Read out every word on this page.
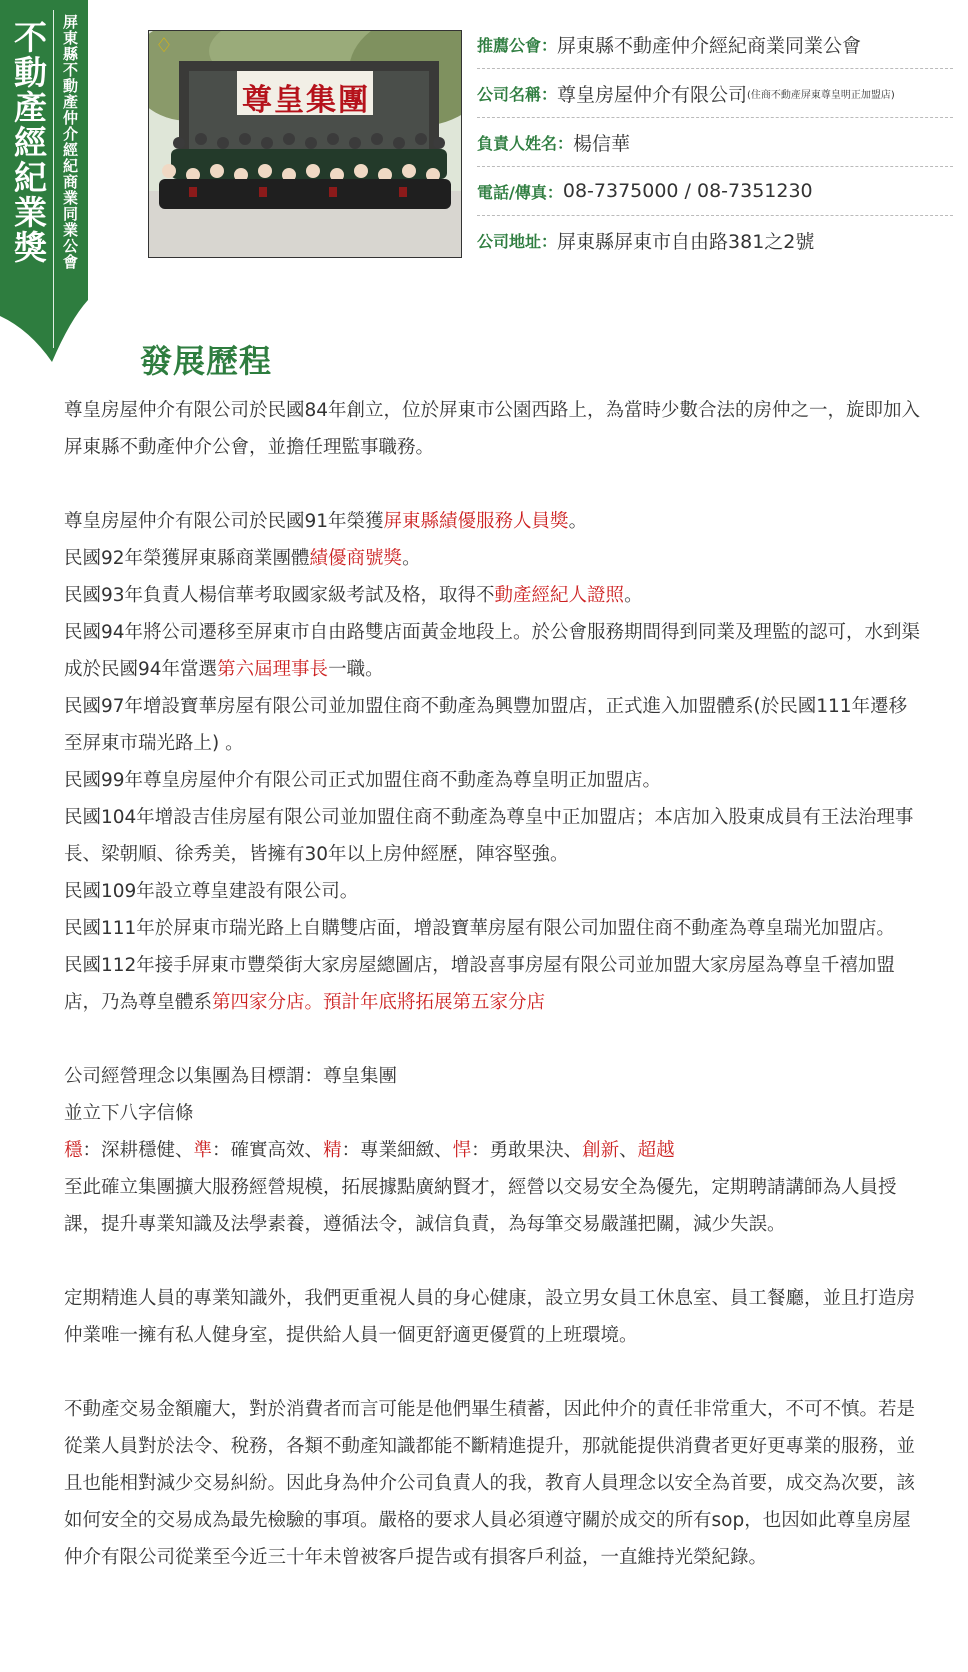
不動產經紀業獎 屏東縣不動產仲介經紀商業同業公會	♢
尊皇集團
推薦公會： 屏東縣不動產仲介經紀商業同業公會
公司名稱： 尊皇房屋仲介有限公司 (住商不動產屏東尊皇明正加盟店)
負責人姓名： 楊信華
電話/傳真： 08-7375000 / 08-7351230
公司地址： 屏東縣屏東市自由路381之2號
發展歷程

尊皇房屋仲介有限公司於民國84年創立，位於屏東市公園西路上，為當時少數合法的房仲之一，旋即加入屏東縣不動產仲介公會，並擔任理監事職務。

尊皇房屋仲介有限公司於民國91年榮獲屏東縣績優服務人員獎。

民國92年榮獲屏東縣商業團體績優商號獎。

民國93年負責人楊信華考取國家級考試及格，取得不動產經紀人證照。

民國94年將公司遷移至屏東市自由路雙店面黃金地段上。於公會服務期間得到同業及理監的認可，水到渠成於民國94年當選第六屆理事長一職。

民國97年增設寶華房屋有限公司並加盟住商不動產為興豐加盟店，正式進入加盟體系(於民國111年遷移至屏東市瑞光路上) 。

民國99年尊皇房屋仲介有限公司正式加盟住商不動產為尊皇明正加盟店。

民國104年增設吉佳房屋有限公司並加盟住商不動產為尊皇中正加盟店；本店加入股東成員有王法治理事長、梁朝順、徐秀美，皆擁有30年以上房仲經歷，陣容堅強。

民國109年設立尊皇建設有限公司。

民國111年於屏東市瑞光路上自購雙店面，增設寶華房屋有限公司加盟住商不動產為尊皇瑞光加盟店。

民國112年接手屏東市豐榮街大家房屋總圖店，增設喜事房屋有限公司並加盟大家房屋為尊皇千禧加盟店，乃為尊皇體系第四家分店。預計年底將拓展第五家分店

公司經營理念以集團為目標謂：尊皇集團

並立下八字信條

穩：深耕穩健、準：確實高效、精：專業細緻、悍：勇敢果決、創新、超越

至此確立集團擴大服務經營規模，拓展據點廣納賢才，經營以交易安全為優先，定期聘請講師為人員授課，提升專業知識及法學素養，遵循法令，誠信負責，為每筆交易嚴謹把關，減少失誤。

定期精進人員的專業知識外，我們更重視人員的身心健康，設立男女員工休息室、員工餐廳，並且打造房仲業唯一擁有私人健身室，提供給人員一個更舒適更優質的上班環境。

不動產交易金額龐大，對於消費者而言可能是他們畢生積蓄，因此仲介的責任非常重大，不可不慎。若是從業人員對於法令、稅務，各類不動產知識都能不斷精進提升，那就能提供消費者更好更專業的服務，並且也能相對減少交易糾紛。因此身為仲介公司負責人的我，教育人員理念以安全為首要，成交為次要，該如何安全的交易成為最先檢驗的事項。嚴格的要求人員必須遵守關於成交的所有sop，也因如此尊皇房屋仲介有限公司從業至今近三十年未曾被客戶提告或有損客戶利益，一直維持光榮紀錄。
